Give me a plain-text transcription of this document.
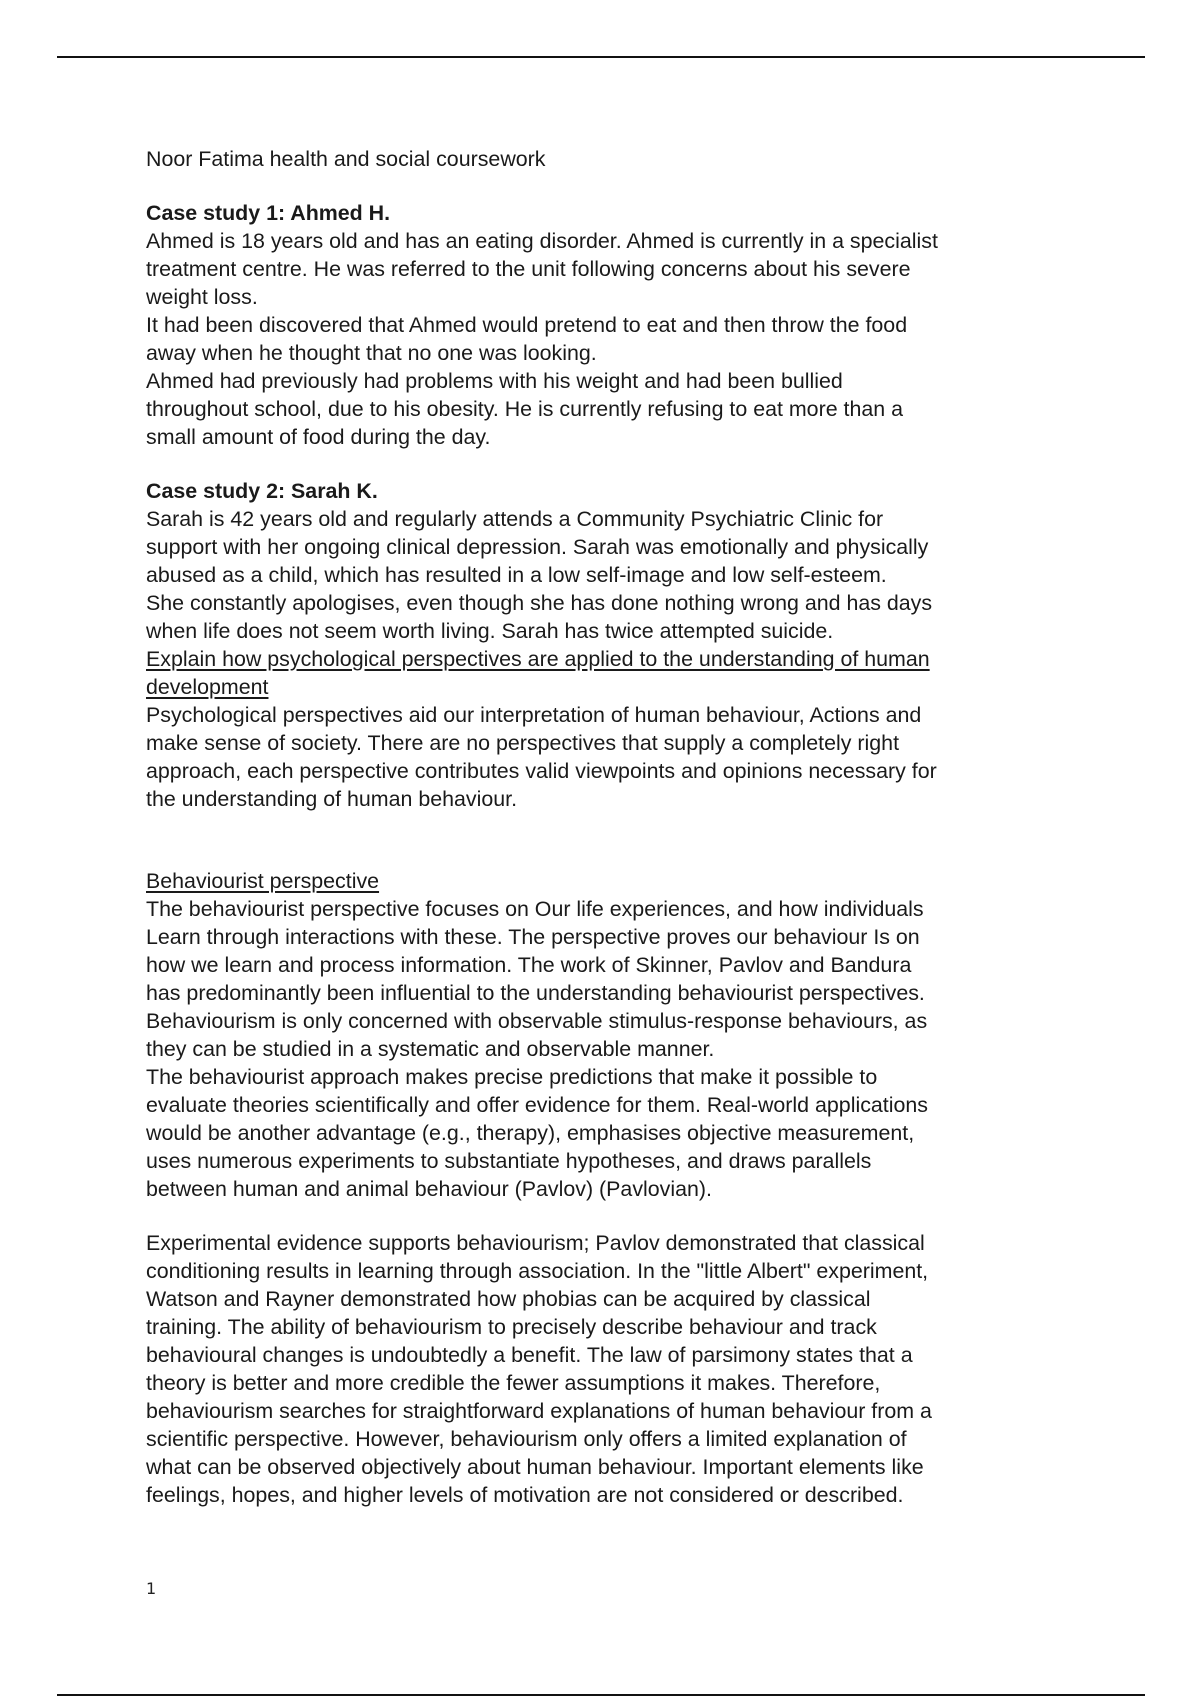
Noor Fatima health and social coursework

Case study 1: Ahmed H.

Ahmed is 18 years old and has an eating disorder. Ahmed is currently in a specialist
treatment centre. He was referred to the unit following concerns about his severe
weight loss.

It had been discovered that Ahmed would pretend to eat and then throw the food
away when he thought that no one was looking.

Ahmed had previously had problems with his weight and had been bullied
throughout school, due to his obesity. He is currently refusing to eat more than a
small amount of food during the day.

Case study 2: Sarah K.

Sarah is 42 years old and regularly attends a Community Psychiatric Clinic for
support with her ongoing clinical depression. Sarah was emotionally and physically
abused as a child, which has resulted in a low self-image and low self-esteem.

She constantly apologises, even though she has done nothing wrong and has days
when life does not seem worth living. Sarah has twice attempted suicide.

Explain how psychological perspectives are applied to the understanding of human
development

Psychological perspectives aid our interpretation of human behaviour, Actions and
make sense of society. There are no perspectives that supply a completely right
approach, each perspective contributes valid viewpoints and opinions necessary for
the understanding of human behaviour.

Behaviourist perspective

The behaviourist perspective focuses on Our life experiences, and how individuals
Learn through interactions with these. The perspective proves our behaviour Is on
how we learn and process information. The work of Skinner, Pavlov and Bandura
has predominantly been influential to the understanding behaviourist perspectives.
Behaviourism is only concerned with observable stimulus-response behaviours, as
they can be studied in a systematic and observable manner.

The behaviourist approach makes precise predictions that make it possible to
evaluate theories scientifically and offer evidence for them. Real-world applications
would be another advantage (e.g., therapy), emphasises objective measurement,
uses numerous experiments to substantiate hypotheses, and draws parallels
between human and animal behaviour (Pavlov) (Pavlovian).

Experimental evidence supports behaviourism; Pavlov demonstrated that classical
conditioning results in learning through association. In the "little Albert" experiment,
Watson and Rayner demonstrated how phobias can be acquired by classical
training. The ability of behaviourism to precisely describe behaviour and track
behavioural changes is undoubtedly a benefit. The law of parsimony states that a
theory is better and more credible the fewer assumptions it makes. Therefore,
behaviourism searches for straightforward explanations of human behaviour from a
scientific perspective. However, behaviourism only offers a limited explanation of
what can be observed objectively about human behaviour. Important elements like
feelings, hopes, and higher levels of motivation are not considered or described.

1
